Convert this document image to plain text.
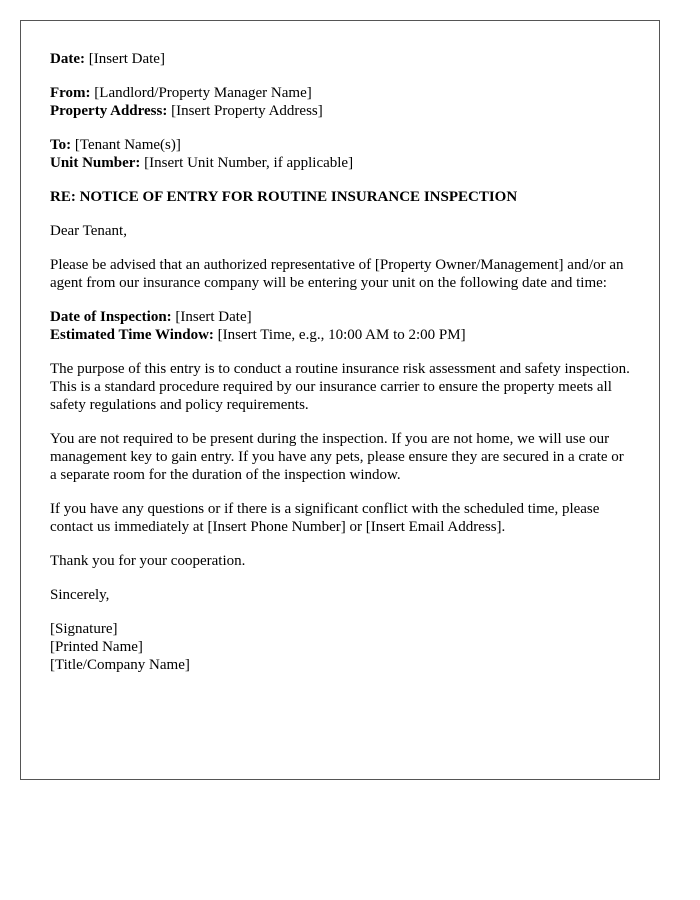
Date: [Insert Date]
From: [Landlord/Property Manager Name]
Property Address: [Insert Property Address]
To: [Tenant Name(s)]
Unit Number: [Insert Unit Number, if applicable]
RE: NOTICE OF ENTRY FOR ROUTINE INSURANCE INSPECTION
Dear Tenant,

Please be advised that an authorized representative of [Property Owner/Management] and/or an agent from our insurance company will be entering your unit on the following date and time:

Date of Inspection: [Insert Date]
Estimated Time Window: [Insert Time, e.g., 10:00 AM to 2:00 PM]

The purpose of this entry is to conduct a routine insurance risk assessment and safety inspection. This is a standard procedure required by our insurance carrier to ensure the property meets all safety regulations and policy requirements.

You are not required to be present during the inspection. If you are not home, we will use our management key to gain entry. If you have any pets, please ensure they are secured in a crate or a separate room for the duration of the inspection window.

If you have any questions or if there is a significant conflict with the scheduled time, please contact us immediately at [Insert Phone Number] or [Insert Email Address].

Thank you for your cooperation.
Sincerely,
[Signature]
[Printed Name]
[Title/Company Name]
